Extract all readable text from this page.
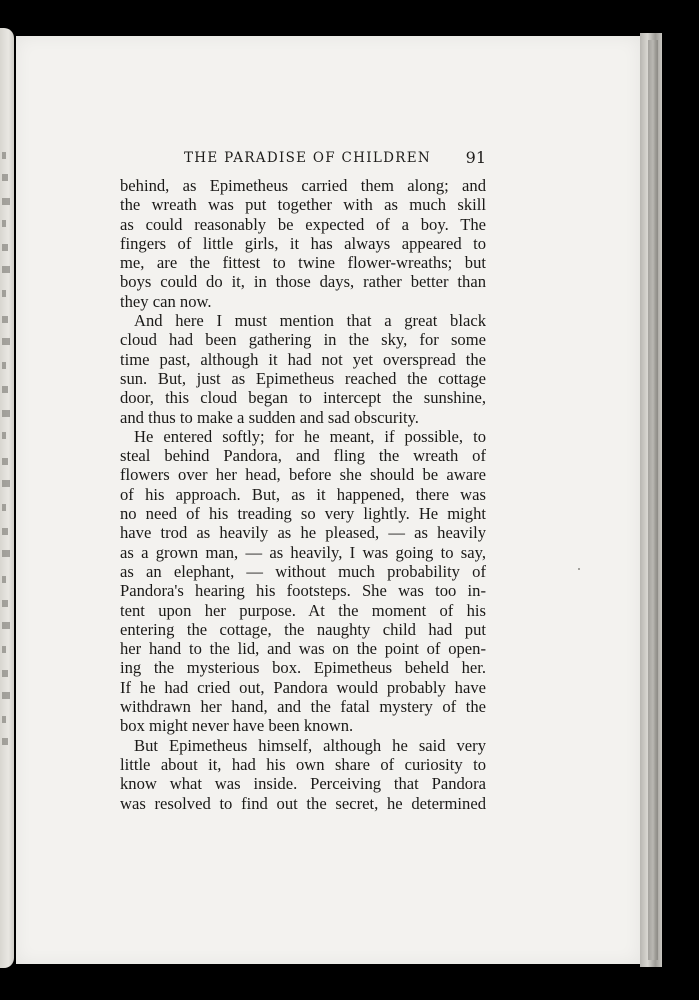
THE PARADISE OF CHILDREN 91
behind, as Epimetheus carried them along; and
the wreath was put together with as much skill
as could reasonably be expected of a boy. The
fingers of little girls, it has always appeared to
me, are the fittest to twine flower-wreaths; but
boys could do it, in those days, rather better than
they can now.
And here I must mention that a great black
cloud had been gathering in the sky, for some
time past, although it had not yet overspread the
sun. But, just as Epimetheus reached the cottage
door, this cloud began to intercept the sunshine,
and thus to make a sudden and sad obscurity.
He entered softly; for he meant, if possible, to
steal behind Pandora, and fling the wreath of
flowers over her head, before she should be aware
of his approach. But, as it happened, there was
no need of his treading so very lightly. He might
have trod as heavily as he pleased, — as heavily
as a grown man, — as heavily, I was going to say,
as an elephant, — without much probability of
Pandora's hearing his footsteps. She was too in-
tent upon her purpose. At the moment of his
entering the cottage, the naughty child had put
her hand to the lid, and was on the point of open-
ing the mysterious box. Epimetheus beheld her.
If he had cried out, Pandora would probably have
withdrawn her hand, and the fatal mystery of the
box might never have been known.
But Epimetheus himself, although he said very
little about it, had his own share of curiosity to
know what was inside. Perceiving that Pandora
was resolved to find out the secret, he determined
